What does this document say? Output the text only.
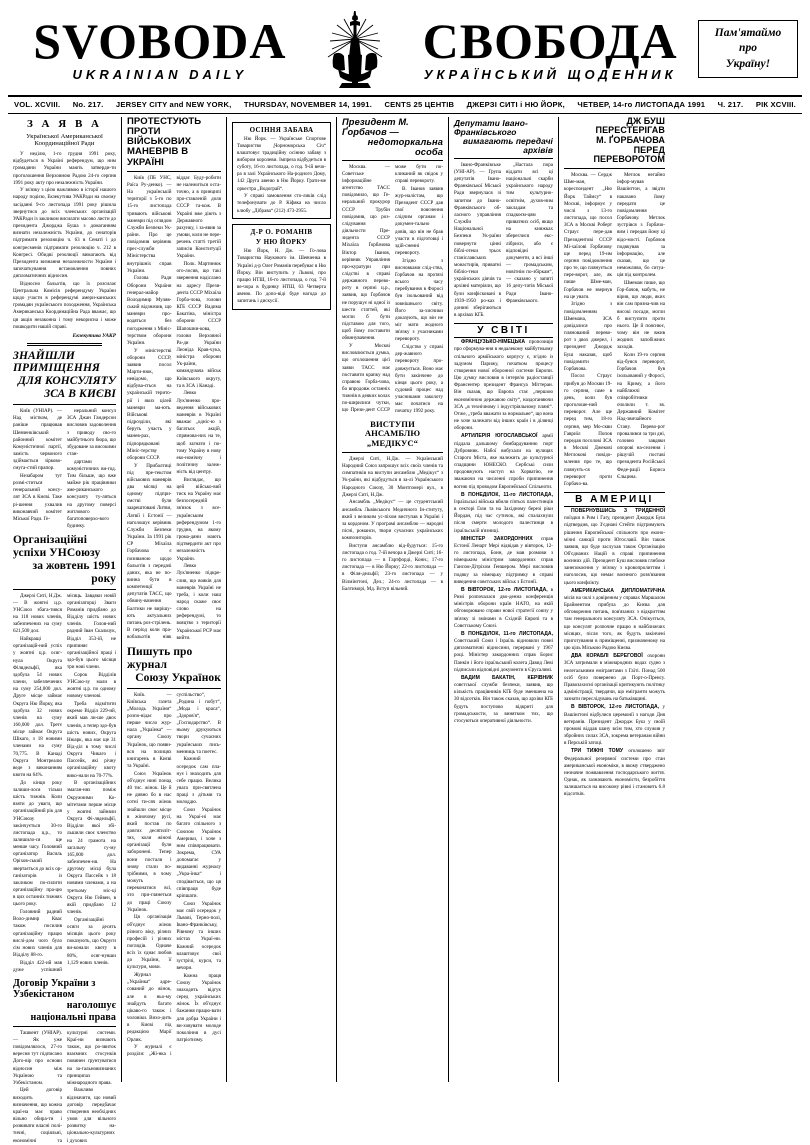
SVOBODA
UKRAINIAN DAILY
СВОБОДА
УКРАЇНСЬКИЙ ЩОДЕННИК
Пам'ятаймо
про
Україну!
VOL. XCVIII. No. 217. JERSEY CITY and NEW YORK, THURSDAY, NOVEMBER 14, 1991. CENTS 25 ЦЕНТІВ ДЖЕРЗІ СИТІ і НЮ ЙОРК, ЧЕТВЕР, 14-го ЛИСТОПАДА 1991 Ч. 217. РІК XCVIII.
З А Я В А
Української Американської Координаційної Ради

У неділю, 1-го грудня 1991 року, відбудеться в Україні референдум, що ним громадяни України мають затверди-ти проголошення Верховною Радою 24-го серпня 1991 року акту про незалежність України.

У зв'язку з цією важливою в історії нашого народу подією, Екзекутива УАКРади на своєму засіданні 9-го листопада 1991 року рішила звернутися до всіх членських організацій УАКРади із закликом висилати масово листи до президента Джорджа Буша з домаганням визнати незалежність України, до сенаторів підтримати резолюцію ч. 63 в Сенаті і до конгресменів підтримати резолюцію ч. 212 в Конгресі. Обидві резолюції вимагають від Президента визнання незалежности України і започаткування встановлення повних дипломатичних відносин.

Відносно бальотів, що їх розсилає Центральна Комісія референдуму України щодо участи в референдумі амери-канських громадян українського походження, Українська Американська Координаційна Рада вважає, що ця акція незаконна і тому некорисна і може пошкодити нашій справі.

Екзекутива УАКР
ЗНАЙШЛИ ПРИМІЩЕННЯ
ДЛЯ КОНСУЛЯТУ ЗСА В КИЄВІ

Київ (УНІАР). — Над містком, де раніше працював Шевченківський районний комітет Комуністичної партії, замість червоного здіймається зірково-смуга-стий прапор.

Незабаром тут розмі-ститься генеральний консу-лят ЗСА в Києві. Таке рі-шення ухвалив виконавчий комітет Міської Ради. Ге-

неральний консул ЗСА Джан Гандерсон висловив задоволення з приводу сво-го майбутнього бюра, що збудоване за високими стан-

дартами комуністичних ви-год. Тим більше, що вже майже рік працівники аме-риканського консуляту ту-ляться на другому поверсі житлового багатоповерхо-вого будинку.

Організаційні успіхи УНСоюзу
за жовтень 1991 року

Джерзі Ситі, Н.Дж. — В жовтні ц.р. УНСоюз збага-тився на 118 нових членів, забезпечених на суму 621,500 дол.

Найкращі організацій-ний успіх у жовтні ц.р. осяг-нула Округа Філядельфії, яка здобула 54 нових члени, забезпечених на суму 254,000 дол. Друге місце займає Округа Ню Йорку, яка здобула 32 нових членів на суму 160,000 дол. Третє місце займає Округа Шікаґо, з 18 новими членами на суму 70,775. В Канаді Округа Монтреалю веде з виконанням квоти на 64%.

До кінця року залиши-лося тільки шість тижнів. Коли взяти до уваги, що організаційний рік для УНСоюзу закінчується 30-го листопада ц.р., то залишило-ся ще менше часу. Головний організатор Василь Оріхов-ський звертається до всіх ор-ганізаторів із закликом по-силити організаційну пра-цю в цих останніх тижнях цього року.

Головний радний Воло-димир Квас також посилив організаційну працю вислі-дом чого було сім нових членів для Відділу 88-го.

Відділ 422-ий мав дуже успішний місяць. Завдяки новій організаторці Зваги Романів придбано до Відділу шість нових членів. Голов-ний радний Іван Скальчук, Відділ 353-ій, не припиняє організаційної праці і здо-був цього місяця три нові члени.

Сорок Відділів УНСою-зу мали в жовтні ц.р. по одному новому членові.

Треба відмітити окремо Відділ 229-ий, який мав ли-ше двох членів, а тепер здо-був шість нових, Округа Нюарк, яка має ще 31 Від-діл в тому числі Округа Чикаго і Пассейк, які річну організаційну квоту вико-нали на 70-77%.

В організаційних змаган-нях поміж Окружними Ко-мітетами перше місце у жовтні зайняли Округа Фі-лядельфії, Відділи якої збі-льшили своє членство на 24 грамота на загальну су-му 165,000 дол. забезпечен-ня. На другому місці була Округа Пассейк з 18 новими членами, а на третьому міс-ці Округа Ню Гейвен, в якій придбано 12 членів.

Організаційні осяги за десять місяців цього року показують, що Округи ви-конали квоту в 80%, осяг-нувши 1,129 нових членів.

Договір України з Узбекістаном
наголошує національні права

Ташкент (УНІАР). — Як уже повідомлялося, 27-го вересня тут підписано Дого-вір про основи відносин між Україною та Узбекістаном.

Цей договір виходить з визначення, що кожна краї-на має право вільно обира-ти і розвивати власні полі-тичні, соціяльні, економічні та культурні системи. Краї-ни визнають також, що ро-звиток взаємних стосунків повинен ґрунтуватися на за-гальновизнаних принципах міжнародного права.

Важливо відзначити, що новий договір передбачає створення необхідних умов для вільного розвитку на-ціонально-культурних і духових

ПРОТЕСТУЮТЬ ПРОТИ
ВІЙСЬКОВИХ МАНЕВРІВ В УКРАЇНІ

Київ (ПБ УНС, Раїса Ру-денко). — На українській території з 5-го по 15-го листопада тривають військові маневри під оглядом Служби Безпеки Ук-раїни. Про це повідомив керівник прес-служби Міністерства внутрішніх справ України.

Голова Ради Оборони України генерал-майор Володимир Муляв-ський відзначив, що маневри про-водяться без погодження з Мініс-терством оборони України.

У міністерстві оборони СССР, заявив посол Марти-нюк, невідомо, що відбува-ється на українській терито-рії і яких цілей маневри ма-ють. Військові підрозділи, які беруть участь у манев-рах, підпорядковані Мініс-терству оборони СССР.

У Прибалтиці під пре-текстом військових маневрів два місяці на одному підпри-ємстві були заарештовані Литви, Латвії і Естонії — наголошує керівник Служби Безпеки України. За 1991 рік СР Міхаїла Горбачова є позиваною щодо бальотів з передачі даних, яка не по-винна бути в компетенції депутатів ТАСС, що обвину-вачення Балтики не вирішу-ють актуальних питань роз-стрілень. В період коли пра-вобальотів ніяк віддає Буду-робити не належиться оста-точно, а в принципі про-ставленій доля СССР та-кож. В Україні вже діють з Державного рахунку, і за-явив за умови, коли не пере-речень статті третій записів Конституції України.

Полк. Мартинюк ого-лосив, що такі звернення надіслано на адресу Прези-дента СССР Міхаїла Горба-чова, голови КҐБ СССР Вадима Бакатіна, міністра оборони СССР Шапошни-кова, голови Верховної Ра-ди України Леоніда Крав-чука, міністра оборони Ук-раїни, командувача військ Київського округу, та в ЗСА і Канаді.

Левко Лук'яненко про-ведення військових маневрів в Україні вважає „одніс-ю з багатьох акцій, спрямова-них на те, щоб загнати і по-тому Україну в нову еко-номічну і політичну залеж-ність від центру.

Виглядає, що цей військо-вий тиск на Україну має безпосередній зв'язок з все-українським референдумом 1-го грудня, на якому грома-дяни мають підтвердити акт про незалежність України.

Левко Лук'яненко підкре-слив, що вояків для маневрів Україні не треба, і коли наш народ скаже своє слово на референдумі, то вояцтво з території Української РСР має вийти.

Пишуть про журнал
Союзу Українок

Київ. — Київська газета „Молодь України“ розпо-відає про перше число жур-нала „Українка“ — органу Союзу Українок, що появи-вся на полицях книгарень в Києві та Україні.

Союз Українок об'єднує нині понад 40 тис. жінок. Це й не дивно бо в нас сотні ти-сяч жінок знайшли своє місце в жіночому русі, який постав по довгих десятиліт-тях, коли жіночі організації були заборонені. Тепер вони постали і знову стали по-трібними, в чому можуть переконатися всі, хто при-глянеться до праці Союзу Українок.

Ця організація об'єднує жінок різного віку, різних професій і різних поглядів. Одначе всіх їх єднає любов до України, її культури, мови.

Журнал „Українка“ адре-сований до жінок, але в ньо-му знайдуть багато цікаво-го також і чоловіки. Вихо-дить в Києві під редакцією Марії Орлик.

У журналі є розділи: „Жі-нка і суспільство“, „Родина і побут“, „Мода і краса“, „Здоров'я“, „Господарство“. В ньому друкуються твори сучасних українських пись-менниць та поетес.

Кожний осередок сам пла-нує і знаходить для себе працю. Велика увага при-святлена праці з дітьми та молоддю.

Союз Українок на Украї-ні має багато спільного з Союзом Українок Америки, і хоче з ним співпрацювати. Зокрема, СУА допомагає у видаванні журналу „Укра-їнка“ і сподівається, що ця співпраця буде кріпшати.

Союз Українок має свій осередок у Львові, Терно-полі, Івано-Франківську, Рівному та інших містах Украї-ни. Кожний осередок влаштовує свої зустрічі, курси, та вечори.

Кожна праця Союзу Українок знаходить відгук серед українських жінок. Їх об'єднує бажання працю-вати для добра України і ви-ховувати молоде покоління в дусі патріотизму.

ОСІННЯ ЗАБАВА

Ню Йорк. — Українське Спортове Товариство „Чорноморська Січ“ влаштовує традиційну осінню забаву з вибором королеви. Імпреза відбудеться в суботу, 16-го листопада, о год. 9-ій вечо-ра в залі Українського На-родного Дому, 142 Друга авеню в Ню Йорку. Грати-ме оркестра „Водограй“.

У справі замовлення сто-ликів слід телефонувати до Р. Кіфяка на число клюбу „Дібрава“ (212) 473-2955.

Д-Р О. РОМАНІВ
У НЮ ЙОРКУ

Ню Йорк, Н. Дж. — Го-лова Товариства Наукового ім. Шевченка в Україні д-р Олег Романів перебуває в Ню Йорку. Він виступить у Львові, про працю НТШ, 16-го листопада, о год. 7-й ве-чора в будинку НТШ, 63 Четверта авеню. По допо-віді буде нагода до запитань і дискусії.

Президент М. Ґорбачов —
недоторкальна особа

Москва. — Советське інформаційне агентство ТАСС повідомило, що Ге-неральний прокурор СССР Трубін повідомив, що роз-слідування діяльности Пре-зидента СССР Міхаїла Ґорбачова Віктор Іванов, керівник Управління про-куратури при слідстві в справі державного перево-роту в серпні ц.р., заявив, що Ґорбачов не порушує ні одної із шести статтей, які могли б бути підставою для того, щоб йому поставити обвинувачення.

У Москві висловлюється думка, що оголошення цієї заяви ТАСС має поставити крапку над справою Ґорба-чова, бо впродовж останніх тижнів в деяких колах по-ширилися чутки, що Прези-дент СССР може бути по-кликаний як свідок у справі перевороту.

В. Іванов заявив жур-налістам, що Президент СССР дав свої пояснення слідчим органам і докумен-тально довів, що він не брав участи в підготовці і здій-сненні перевороту.

Згідно з висновками слід-ства, Ґорбачов на протязі всього часу перебування в Форосі був ізольований від зовнішнього світу. Його за-хисники доказують, що він не міг мати жодного зв'язку з учасниками перевороту.

Слідство у справі дер-жавного перевороту про-довжується. Воно має бути закінчене до кінця цього року, а судовий процес над учасниками заколоту має початися на початку 1992 року.

ВИСТУПИ АНСАМБЛЮ
„МЕДІКУС“

Джерзі Ситі, Н.Дж. — Український Народний Союз запрошує всіх своїх членів та симпатиків на виступи ансамблю „Медікус“ з Ук-раїни, які відбудуться в за-лі Українського Народного Союзу, 30 Монтґомері вул., в Джерзі Ситі, Н.Дж.

Ансамбль „Медікус“ — це студентський ансамбль Львівського Медичного Ін-ституту, який з великим ус-піхом виступав в Україні і за кордоном. У програмі ансамблю — народні пісні, романси, твори сучасних українських композиторів.

Виступи ансамблю від-будуться: 15-го листопада о год. 7-ій вечора в Джерзі Ситі; 16-го листопада — в Гартфорді, Конн.; 17-го листопада — в Ню Йорку; 22-го листопада — в Філя-дельфії; 23-го листопада — у Вілмінґтоні, Дел.; 24-го листопада — в Балтиморі, Мд. Вступ вільний.

Депутати Івано-Франківського
вимагають передачі архівів

Івано-Франківське (УНІ-АР). — Група депутатів Івано-Франківської Міської Ради звернулася зі запитом до Івано-Франківського об-ласного управління Служби Національної Безпеки Ук-раїни повернути цінні біблі-отеки трьох станіславських монастирів, приватні бібліо-теки українських діячів та архівні матеріяли, що були конфісковані в 1939-1950 ро-ках і донині зберігаються в архівах КҐБ.

„Настала пора віддати всі ці національні скарби українського народу тим культурно-освітнім, духов-ним закладам та спадкоєм-цям приватних осіб, якщо на книжках збереглися екс-лібриси, або є відповідні документи, а всі інші — громадським, новітнім по-збіркам“, — сказано у запиті 16 депу-татів Міської Ради Івано-Франківського.

У СВІТІ

ФРАНЦУЗЬКО-НІМЕЦЬКА пропозиція про сформува-ння в недалекому майбутньому спільного армійського корпусу є, згідно із задумом Парижу, початком процесу створення нової оборонної системи Европи. Цю думку висловив в інтерв'ю радіостанції Франсентер президент Франсуа Міттеран. Він сказав, що Европа стає „першою економічною державою світу“, наздоганяючи ЗСА „в технічному і індустріяльному пляні“. Отже, „треба вважати за нормальне“, що вона не хоче залежати від інших країн і в ділянці оборони.

АРТИЛЕРІЯ ЮГОСЛАВСЬКОЇ армії піддала дальшому бомбардуванню порт Дубровник. Набої вибухали на вулицях Старого Міста, яке належить до культурної спадщини ЮНЕСКО. Сербські сили продовжують наступ на Хорватію, не зважаючи на численні спроби припинення вогню під проводом Европейської Спільноти.

В ПОНЕДІЛОК, 11-го ЛИСТОПАДА, Ізраїльські війська вбили п'ятьох палестинців в секторі Ґази та на Західному березі ріки Йордан, під час сутичок, які спалахнули після смерти молодого палестинця в ізраїльській в'язниці.

МІНІСТЕР ЗАКОРДОННИХ справ Естонії Ленарт Мері відвідав у вівторок, 12-го листопада, Бонн, де мав розмови з німецьким міністром закордонних справ Гансом-Дітріхом Ґеншером. Мері висловив подяку за німецьку підтримку в справі виведення совєтських військ з Естонії.

В ВІВТОРОК, 12-го ЛИСТОПАДА, в Римі розпочалася дво-денна конференція міністрів оборони країн НАТО, на якій обговорювано справи нової стратегії союзу у зв'язку зі змінами в Східній Европі та в Совєтському Союзі.

В ПОНЕДІЛОК, 11-го ЛИСТОПАДА, Совєтський Союз і Ізраїль відновили повні дипломатичні відносини, перервані у 1967 році. Міністер закордонних справ Борис Панкін і його ізраїльський колега Давид Леві підписали відповідні документи в Єрусалимі.

ВАДИМ БАКАТІН, КЕРІВНИК совєтської служби безпеки, заявив, що кількість працівників КҐБ буде зменшена на 30 відсотків. Він також сказав, що архіви КҐБ будуть поступово відкриті для громадськости, за винятком тих, що стосуються оперативної діяльности.

ДЖ БУШ ПЕРЕСТЕРІГАВ
М. ҐОРБАЧОВА ПЕРЕД
ПЕРЕВОРОТОМ

Москва. — Сердж Шме-ман, кореспондент „Ню Йорк Таймсу“ в Москві, інформує у числі з 13-го листопада, що посол ЗСА в Москві Роберт Страус пере-дав Президентові СССР Мі-хаїлові Ґорбачову ще перед 19-им серпня повідомлення про те, що плянується пере-ворот, але, як пише Шме-ман, Ґорбачов не звернув на це уваги.

Згідно з повідомленням Шмемана, ЗСА довідалися про плянований перево-рот з двох джерел, і президент Джордж Буш наказав, щоб повідомити Ґорбачова.

Посол Страус прибув до Москви 19-го серпня, саме в день, коли був проголоше-ний переворот. Але ще перед тим, 18-го серпня, мер Мо-скви Гавриїл Попов передав посолові ЗСА в Москві Джекові Метлокові повідо-млення про те, що плянуєть-ся переворот проти Ґорбачо-ва.

Метлок негайно інфор-мував Вашінґтон, а звідти наказано йому передати це повідомлення Ґорбачову. Метлок зустрівся з Ґорбачо-вим і передав йому ці відо-мості. Ґорбачов подякував за інформацію, але сказав, що це неможливо, бо ситуа-ція під контролем.

Шмеман пише, що Ґор-бачов, мабуть, не вірив, що люди, яких він сам призна-чив на високі посади, могли б виступити проти нього. Це й пояснює, чому він не вжив жодних запобіжних заходів.

Коли 19-го серпня від-бувся переворот, Ґорбачов був ізольований у Форосі, на Криму, а його найближчі співробітники очолили т. зв. Державний Комітет Над-звичайного Стану. Перево-рот провалився за три дні, головно завдяки опорові на-селення і рішучій поставі президента Російської Феде-рації Бориса Єльцина.

В АМЕРИЦІ

ПОВЕРНУВШИСЬ З ТРИДЕННОЇ поїздки в Рим і Гаґу, президент Джордж Буш підтвердив, що З'єднані Стейти підтримують рішення Европейської спільноти про еконо-мічні санкції проти Югославії. Він також заявив, що буде заслухав також Організацію Об'єднаних Націй в справі припинення воєнних дій. Президент Буш висловив глибоке занепокоєння у зв'язку з кровопролиттям і наголосив, що немає воєнного розв'язання цього конфлікту.

АМЕРИКАНСЬКА ДИПЛОМАТИЧНА місія на чолі з довіреним у справах Маршалом Брайментом прибула до Києва для обговорення питань, пов'язаних з відкриттям там генерального консуляту ЗСА. Очікується, що консулят розпочне працю в найближчих місяцях, після того, як будуть закінчені приготування в приміщенні, призначеному на цю ціль Міською Радою Києва.

ДВА КОРАБЛІ БЕРЕГОВОЇ охорони ЗСА затримали в міжнародних водах судно з нелегальними емігрантами з Гаїті. Понад 500 осіб було повернено до Порт-о-Пренсу. Правозахисні організації критикують політику адміністрації, твердячи, що емігранти можуть зазнати переслідувань на батьківщині.

В ВІВТОРОК, 12-го ЛИСТОПАДА, у Вашінґтоні відбулися церемонії з нагоди Дня ветеранів. Президент Джордж Буш у своїй промові віддав шану всім тим, хто служив у збройних силах ЗСА, зокрема ветеранам війни в Перській затоці.

ТРИ ТИЖНІ ТОМУ оголошено звіт Федеральної резервної системи про стан американської економіки, в якому стверджено незначне пожвавлення господарського життя. Однак, як зазначають економісти, безробіття залишається на високому рівні і становить 6.8 відсотків.
